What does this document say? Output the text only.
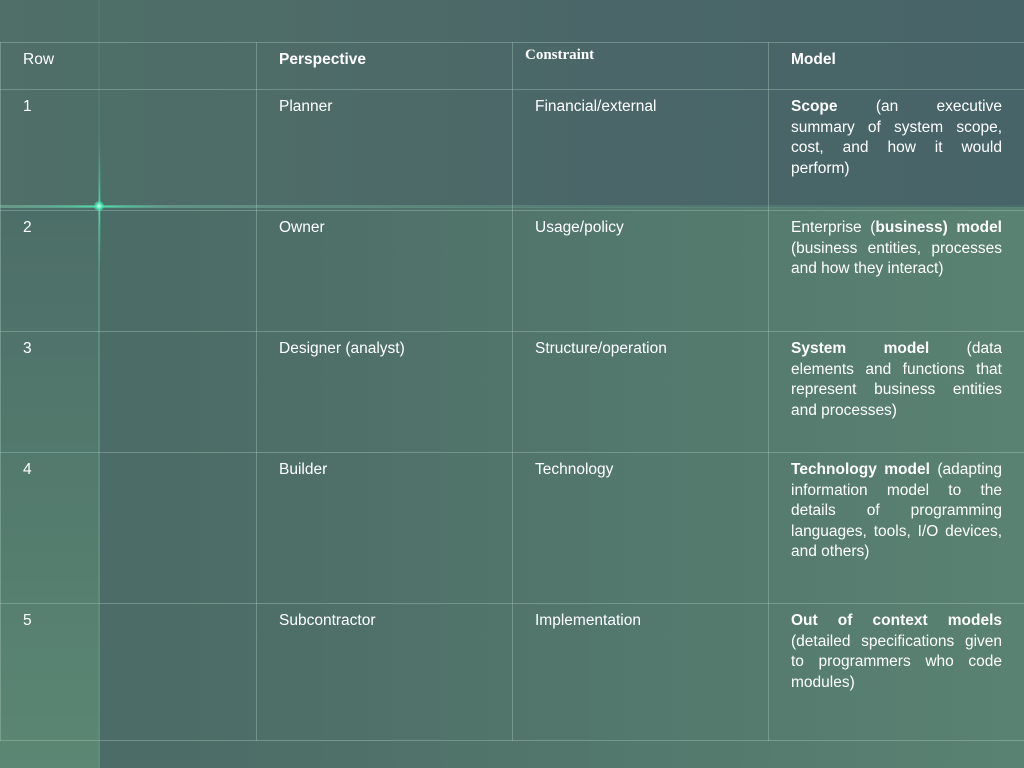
Row	Perspective	Constraint	Model

1	Planner	Financial/external	Scope (an executive summary of system scope, cost, and how it would perform)

2	Owner	Usage/policy	Enterprise (business) model (business entities, processes and how they interact)

3	Designer (analyst)	Structure/operation	System model (data elements and functions that represent business entities and processes)

4	Builder	Technology	Technology model (adapting information model to the details of programming languages, tools, I/O devices, and others)

5	Subcontractor	Implementation	Out of context models (detailed specifications given to programmers who code modules)
